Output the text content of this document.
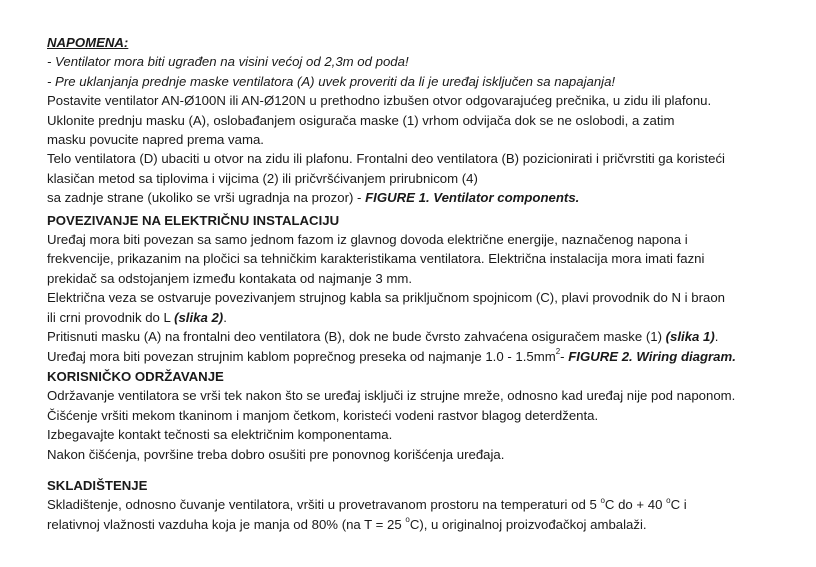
NAPOMENA:
- Ventilator mora biti ugrađen na visini većoj od 2,3m od poda!
- Pre uklanjanja prednje maske ventilatora (A) uvek proveriti da li je uređaj isključen sa napajanja!
Postavite ventilator AN-Ø100N ili AN-Ø120N u prethodno izbušen otvor odgovarajućeg prečnika, u zidu ili plafonu.
Uklonite prednju masku (A), oslobađanjem osigurača maske (1) vrhom odvijača dok se ne oslobodi, a zatim
masku povucite napred prema vama.
Telo ventilatora (D) ubaciti u otvor na zidu ili plafonu. Frontalni deo ventilatora (B) pozicionirati i pričvrstiti ga koristeći
klasičan metod sa tiplovima i vijcima (2) ili pričvršćivanjem prirubnicom (4)
sa zadnje strane (ukoliko se vrši ugradnja na prozor) - FIGURE 1. Ventilator components.
POVEZIVANJE NA ELEKTRIČNU INSTALACIJU
Uređaj mora biti povezan sa samo jednom fazom iz glavnog dovoda električne energije, naznačenog napona i
frekvencije, prikazanim na pločici sa tehničkim karakteristikama ventilatora. Električna instalacija mora imati fazni
prekidač sa odstojanjem između kontakata od najmanje 3 mm.
Električna veza se ostvaruje povezivanjem strujnog kabla sa priključnom spojnicom (C), plavi provodnik do N i braon
ili crni provodnik do L (slika 2).
Pritisnuti masku (A) na frontalni deo ventilatora (B), dok ne bude čvrsto zahvaćena osiguračem maske (1) (slika 1).
Uređaj mora biti povezan strujnim kablom poprečnog preseka od najmanje $1.0 - 1.5mm^2-$ FIGURE 2. Wiring diagram.
KORISNIČKO ODRŽAVANJE
Održavanje ventilatora se vrši tek nakon što se uređaj isključi iz strujne mreže, odnosno kad uređaj nije pod naponom.
Čišćenje vršiti mekom tkaninom i manjom četkom, koristeći vodeni rastvor blagog deterdženta.
Izbegavajte kontakt tečnosti sa električnim komponentama.
Nakon čišćenja, površine treba dobro osušiti pre ponovnog korišćenja uređaja.
SKLADIŠTENJE
Skladištenje, odnosno čuvanje ventilatora, vršiti u provetravanom prostoru na temperaturi od 5 $^o$C do + 40 $^o$C i
relativnoj vlažnosti vazduha koja je manja od 80% (na T = 25 $^o$C), u originalnoj proizvođačkoj ambalaži.
